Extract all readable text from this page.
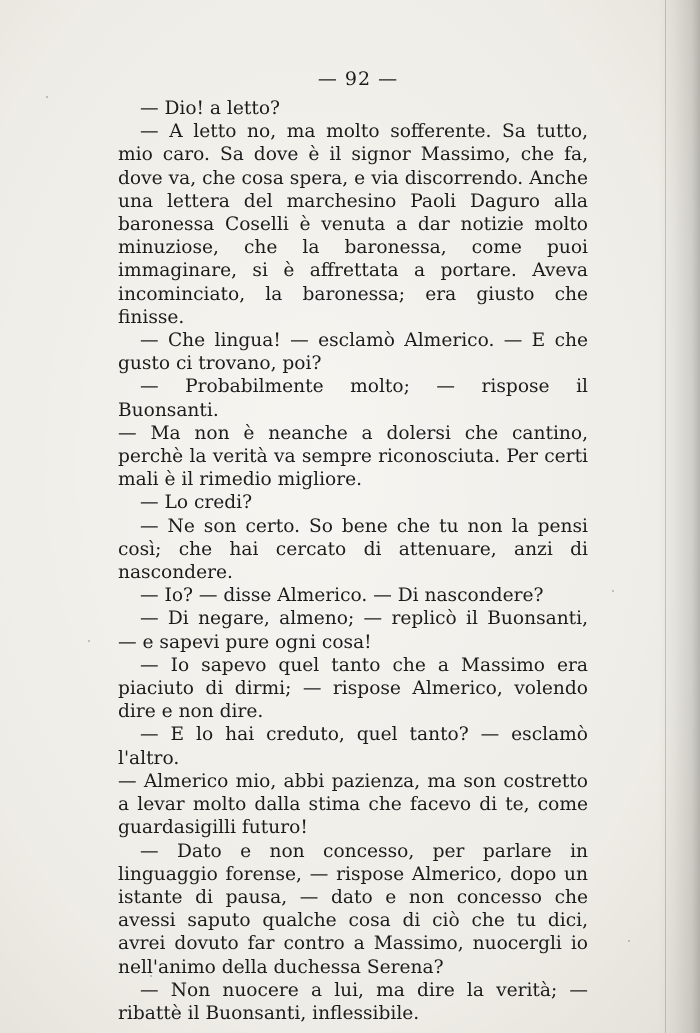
— 92 —

— Dio! a letto?

— A letto no, ma molto sofferente. Sa tutto, mio caro. Sa dove è il signor Massimo, che fa, dove va, che cosa spera, e via discorrendo. Anche una lettera del marchesino Paoli Daguro alla baronessa Coselli è venuta a dar notizie molto minuziose, che la baronessa, come puoi immaginare, si è affrettata a portare. Aveva incominciato, la baronessa; era giusto che finisse.

— Che lingua! — esclamò Almerico. — E che gusto ci trovano, poi?

— Probabilmente molto; — rispose il Buonsanti.

— Ma non è neanche a dolersi che cantino, perchè la verità va sempre riconosciuta. Per certi mali è il rimedio migliore.

— Lo credi?

— Ne son certo. So bene che tu non la pensi così; che hai cercato di attenuare, anzi di nascondere.

— Io? — disse Almerico. — Di nascondere?

— Di negare, almeno; — replicò il Buonsanti, — e sapevi pure ogni cosa!

— Io sapevo quel tanto che a Massimo era piaciuto di dirmi; — rispose Almerico, volendo dire e non dire.

— E lo hai creduto, quel tanto? — esclamò l'altro.

— Almerico mio, abbi pazienza, ma son costretto a levar molto dalla stima che facevo di te, come guardasigilli futuro!

— Dato e non concesso, per parlare in linguaggio forense, — rispose Almerico, dopo un istante di pausa, — dato e non concesso che avessi saputo qualche cosa di ciò che tu dici, avrei dovuto far contro a Massimo, nuocergli io nell'animo della duchessa Serena?

— Non nuocere a lui, ma dire la verità; — ribattè il Buonsanti, inflessibile.
